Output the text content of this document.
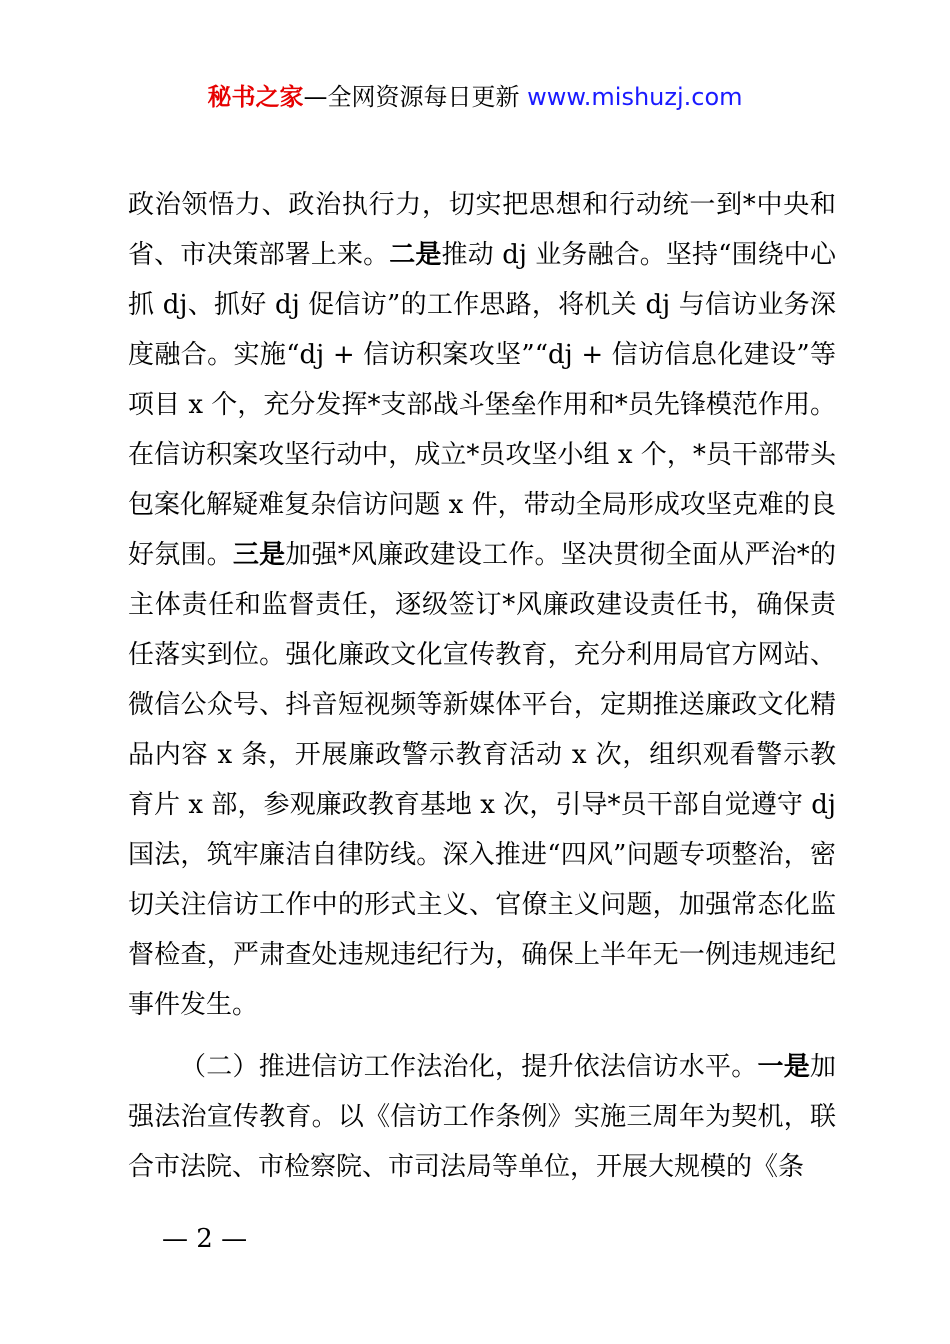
秘书之家—全网资源每日更新 www.mishuzj.com

政治领悟力、政治执行力，切实把思想和行动统一到*中央和省、市决策部署上来。二是推动 dj 业务融合。坚持“围绕中心抓 dj、抓好 dj 促信访”的工作思路，将机关 dj 与信访业务深度融合。实施“dj + 信访积案攻坚”“dj + 信访信息化建设”等项目 x 个，充分发挥*支部战斗堡垒作用和*员先锋模范作用。在信访积案攻坚行动中，成立*员攻坚小组 x 个，*员干部带头包案化解疑难复杂信访问题 x 件，带动全局形成攻坚克难的良好氛围。三是加强*风廉政建设工作。坚决贯彻全面从严治*的主体责任和监督责任，逐级签订*风廉政建设责任书，确保责任落实到位。强化廉政文化宣传教育，充分利用局官方网站、微信公众号、抖音短视频等新媒体平台，定期推送廉政文化精品内容 x 条，开展廉政警示教育活动 x 次，组织观看警示教育片 x 部，参观廉政教育基地 x 次，引导*员干部自觉遵守 dj 国法，筑牢廉洁自律防线。深入推进“四风”问题专项整治，密切关注信访工作中的形式主义、官僚主义问题，加强常态化监督检查，严肃查处违规违纪行为，确保上半年无一例违规违纪事件发生。

（二）推进信访工作法治化，提升依法信访水平。一是加强法治宣传教育。以《信访工作条例》实施三周年为契机，联合市法院、市检察院、市司法局等单位，开展大规模的《条

— 2 —
